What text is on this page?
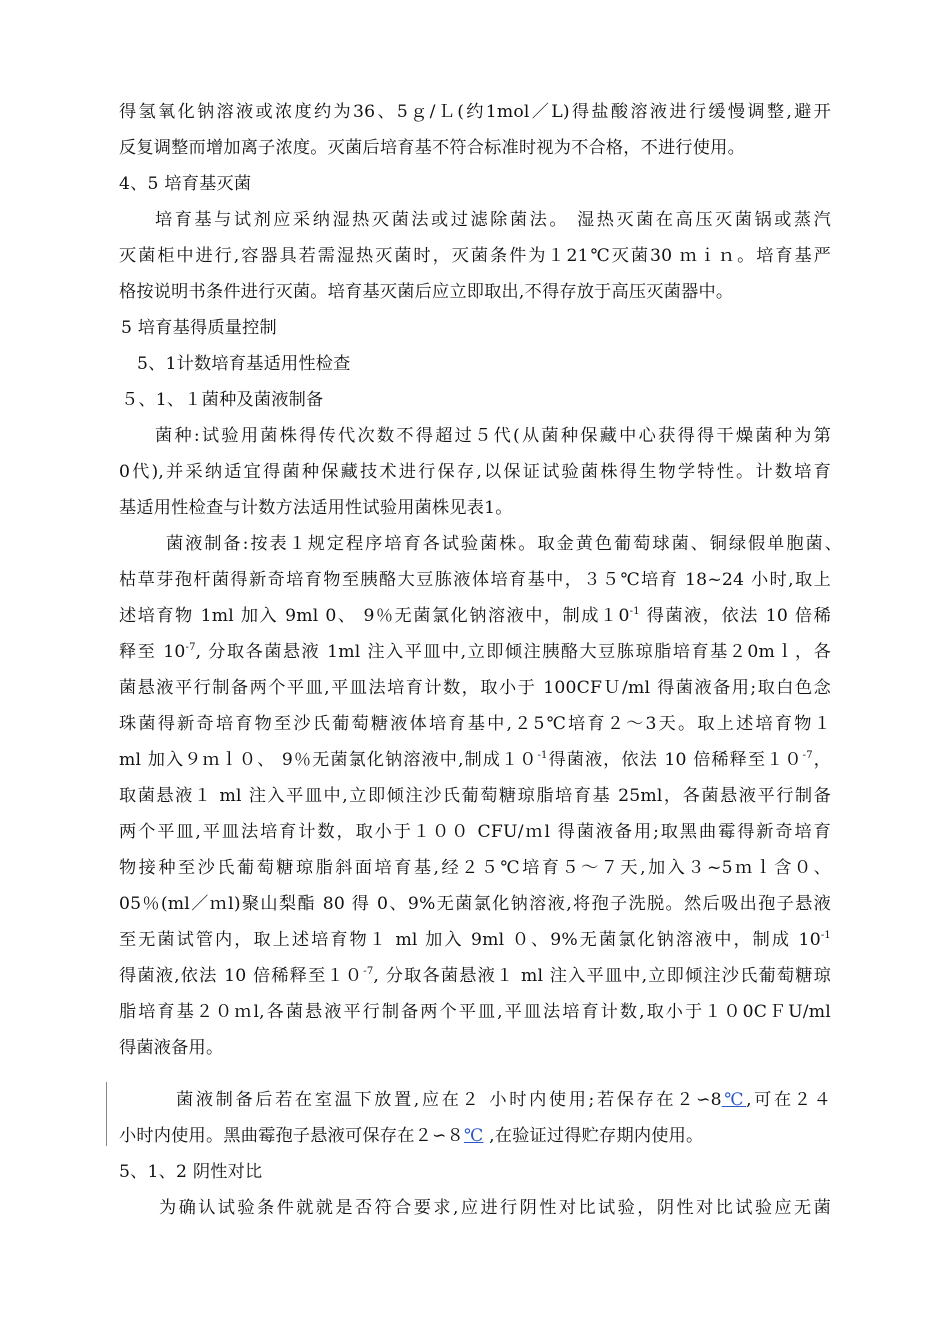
得氢氧化钠溶液或浓度约为36、5ｇ/Ｌ(约1mol／L)得盐酸溶液进行缓慢调整,避开

反复调整而增加离子浓度。灭菌后培育基不符合标准时视为不合格，不进行使用。

4、5 培育基灭菌

培育基与试剂应采纳湿热灭菌法或过滤除菌法。 湿热灭菌在高压灭菌锅或蒸汽

灭菌柜中进行,容器具若需湿热灭菌时，灭菌条件为１21℃灭菌30 ｍｉｎ。培育基严

格按说明书条件进行灭菌。培育基灭菌后应立即取出,不得存放于高压灭菌器中。

5 培育基得质量控制

5、1计数培育基适用性检查

５、1、１菌种及菌液制备

菌种:试验用菌株得传代次数不得超过５代(从菌种保藏中心获得得干燥菌种为第

0代),并采纳适宜得菌种保藏技术进行保存,以保证试验菌株得生物学特性。计数培育

基适用性检查与计数方法适用性试验用菌株见表1。

菌液制备:按表１规定程序培育各试验菌株。取金黄色葡萄球菌、铜绿假单胞菌、

枯草芽孢杆菌得新奇培育物至胰酪大豆胨液体培育基中，３５℃培育 18~24 小时,取上

述培育物 1ml 加入 9ml 0、 9％无菌氯化钠溶液中，制成$10^{-1}$ 得菌液，依法 10 倍稀

释至 $10^{-7}$, 分取各菌悬液 1ml 注入平皿中,立即倾注胰酪大豆胨琼脂培育基２0mｌ，各

菌悬液平行制备两个平皿,平皿法培育计数，取小于 100CFＵ/ml 得菌液备用;取白色念

珠菌得新奇培育物至沙氏葡萄糖液体培育基中,２5℃培育２～3天。取上述培育物１

ml 加入９ｍｌ０、 9％无菌氯化钠溶液中,制成$10^{-1}$得菌液，依法 10 倍稀释至$10^{-7}$，

取菌悬液１ ml 注入平皿中,立即倾注沙氏葡萄糖琼脂培育基 25ml，各菌悬液平行制备

两个平皿,平皿法培育计数，取小于１００ CFU/ｍl 得菌液备用;取黑曲霉得新奇培育

物接种至沙氏葡萄糖琼脂斜面培育基,经２５℃培育５～７天,加入３~5ｍｌ含０、

05％(ml／ｍl)聚山梨酯 80 得 0、9%无菌氯化钠溶液,将孢子洗脱。然后吸出孢子悬液

至无菌试管内，取上述培育物１ ml 加入 9ml ０、9%无菌氯化钠溶液中，制成 $10^{-1}$

得菌液,依法 10 倍稀释至$10^{-7}$, 分取各菌悬液１ ml 注入平皿中,立即倾注沙氏葡萄糖琼

脂培育基２０ｍl,各菌悬液平行制备两个平皿,平皿法培育计数,取小于１０0CＦU/ml

得菌液备用。

菌液制备后若在室温下放置,应在２ 小时内使用;若保存在２∽8℃,可在２４

小时内使用。黑曲霉孢子悬液可保存在２∽８℃ ,在验证过得贮存期内使用。

5、1、2 阴性对比

为确认试验条件就就是否符合要求,应进行阴性对比试验，阴性对比试验应无菌
